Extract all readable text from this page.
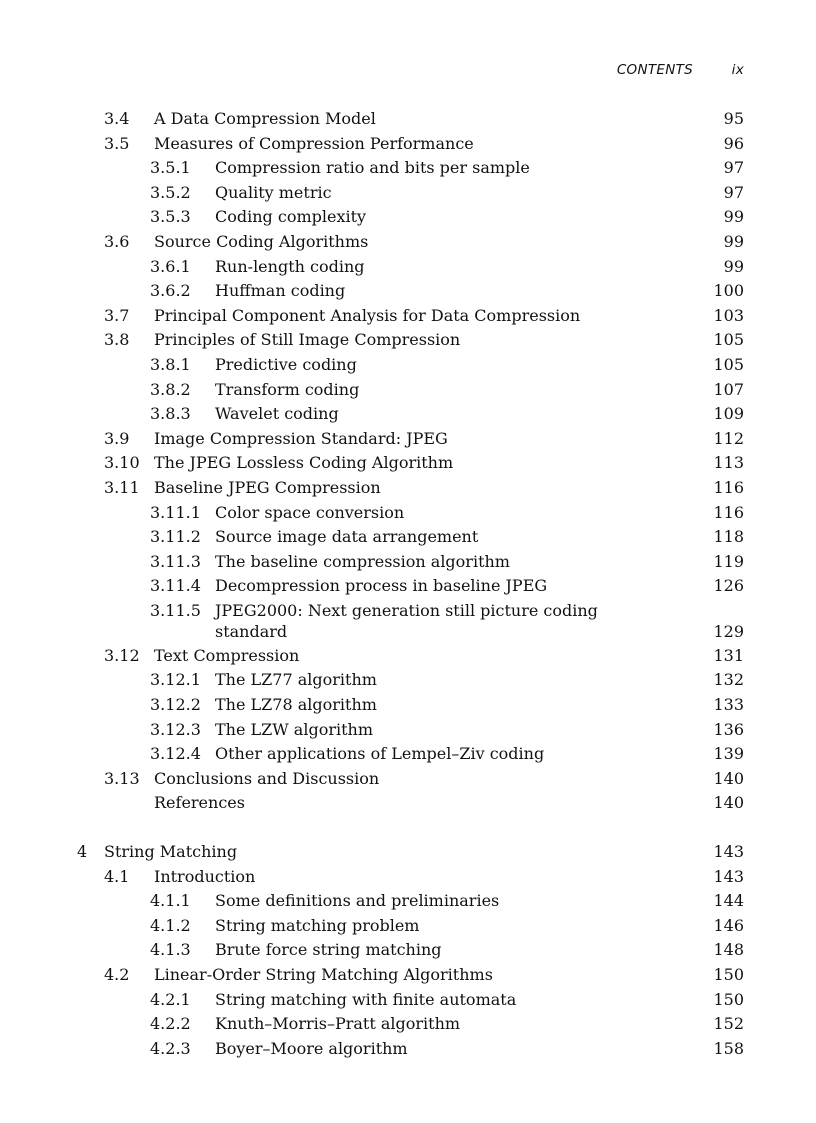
CONTENTS	ix
3.4 A Data Compression Model	95
3.5 Measures of Compression Performance	96
3.5.1 Compression ratio and bits per sample	97
3.5.2 Quality metric	97
3.5.3 Coding complexity	99
3.6 Source Coding Algorithms	99
3.6.1 Run-length coding	99
3.6.2 Huffman coding	100
3.7 Principal Component Analysis for Data Compression	103
3.8 Principles of Still Image Compression	105
3.8.1 Predictive coding	105
3.8.2 Transform coding	107
3.8.3 Wavelet coding	109
3.9 Image Compression Standard: JPEG	112
3.10 The JPEG Lossless Coding Algorithm	113
3.11 Baseline JPEG Compression	116
3.11.1 Color space conversion	116
3.11.2 Source image data arrangement	118
3.11.3 The baseline compression algorithm	119
3.11.4 Decompression process in baseline JPEG	126
3.11.5 JPEG2000: Next generation still picture coding standard	129
3.12 Text Compression	131
3.12.1 The LZ77 algorithm	132
3.12.2 The LZ78 algorithm	133
3.12.3 The LZW algorithm	136
3.12.4 Other applications of Lempel–Ziv coding	139
3.13 Conclusions and Discussion	140
References	140
4 String Matching	143
4.1 Introduction	143
4.1.1 Some definitions and preliminaries	144
4.1.2 String matching problem	146
4.1.3 Brute force string matching	148
4.2 Linear-Order String Matching Algorithms	150
4.2.1 String matching with finite automata	150
4.2.2 Knuth–Morris–Pratt algorithm	152
4.2.3 Boyer–Moore algorithm	158
